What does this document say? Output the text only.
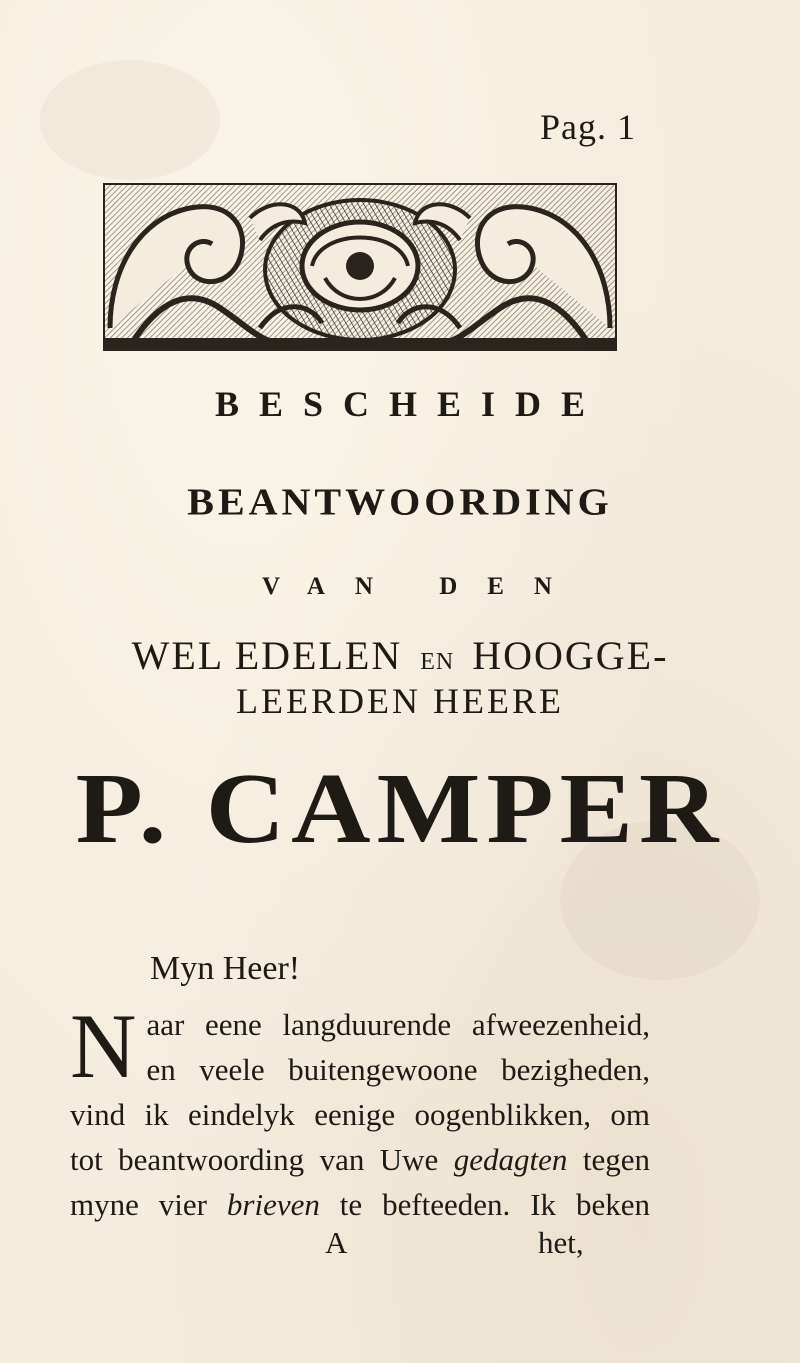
Pag. 1
BESCHEIDE
BEANTWOORDING
VAN DEN
WEL EDELEN EN HOOGGE-
LEERDEN HEERE
P. CAMPER
Myn Heer!
N aar eene langduurende afweezenheid,
en veele buitengewoone bezigheden,
vind ik eindelyk eenige oogenblikken, om
tot beantwoording van Uwe gedagten tegen
myne vier brieven te befteeden. Ik beken
A	het,
